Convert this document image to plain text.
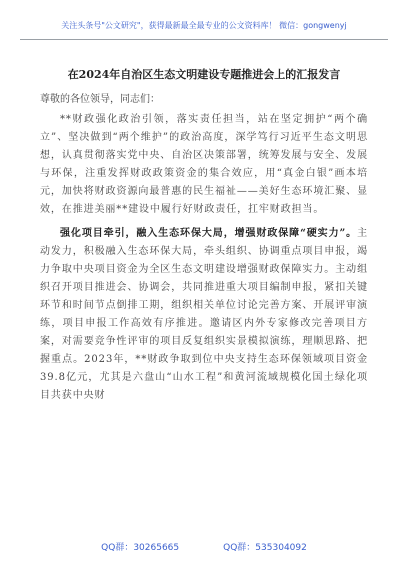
关注头条号"公文研究"，获得最新最全最专业的公文资料库！ 微信：gongwenyj
在2024年自治区生态文明建设专题推进会上的汇报发言
尊敬的各位领导，同志们：

**财政强化政治引领，落实责任担当，站在坚定拥护“两个确立”、坚决做到“两个维护”的政治高度，深学笃行习近平生态文明思想，认真贯彻落实党中央、自治区决策部署，统筹发展与安全、发展与环保，注重发挥财政政策资金的集合效应，用“真金白银”画本培元，加快将财政资源向最普惠的民生福祉——美好生态环境汇聚、显效，在推进美丽**建设中履行好财政责任，扛牢财政担当。

强化项目牵引，融入生态环保大局，增强财政保障“硬实力”。主动发力，积极融入生态环保大局，牵头组织、协调重点项目申报，竭力争取中央项目资金为全区生态文明建设增强财政保障实力。主动组织召开项目推进会、协调会，共同推进重大项目编制申报，紧扣关键环节和时间节点倒排工期，组织相关单位讨论完善方案、开展评审演练，项目申报工作高效有序推进。邀请区内外专家修改完善项目方案，对需要竞争性评审的项目反复组织实景模拟演练，理顺思路、把握重点。2023年，**财政争取到位中央支持生态环保领域项目资金39.8亿元，尤其是六盘山“山水工程”和黄河流域规模化国土绿化项目共获中央财

QQ群：30265665	QQ群：535304092
